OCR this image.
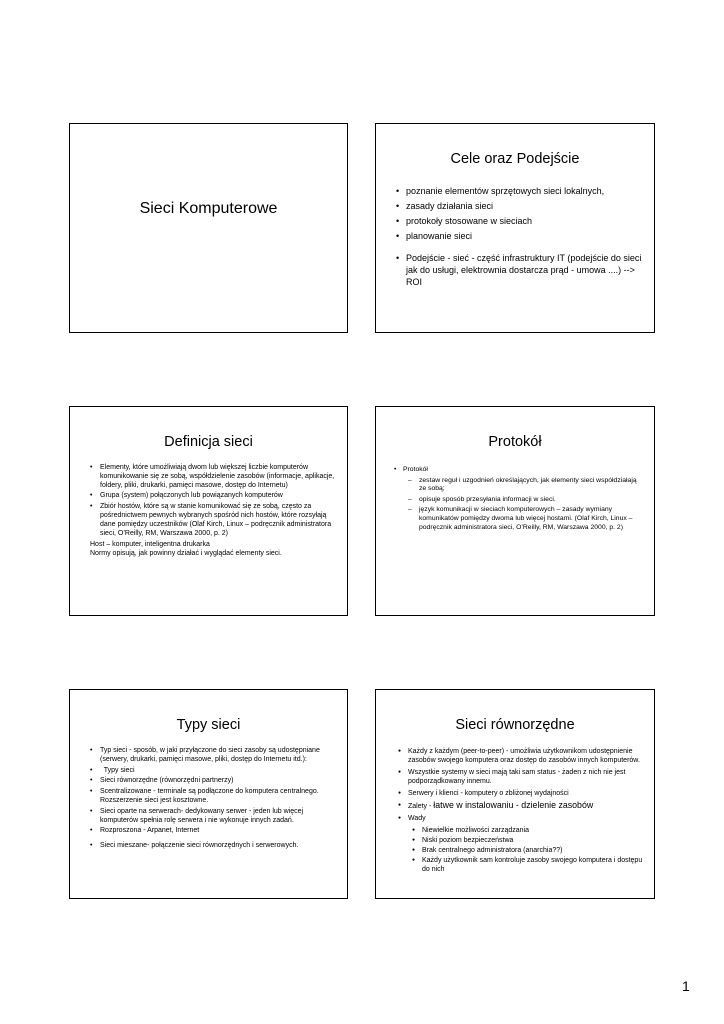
Sieci Komputerowe
Cele oraz Podejście
• poznanie elementów sprzętowych sieci lokalnych,
• zasady działania sieci
• protokoły stosowane w sieciach
• planowanie sieci
• Podejście - sieć - część infrastruktury IT (podejście do sieci jak do usługi, elektrownia dostarcza prąd - umowa ....) --> ROI
Definicja sieci
• Elementy, które umożliwiają dwom lub większej liczbie komputerów komunikowanie się ze sobą, współdzielenie zasobów (informacje, aplikacje, foldery, pliki, drukarki, pamięci masowe, dostęp do Internetu)
• Grupa (system) połączonych lub powiązanych komputerów
• Zbiór hostów, które są w stanie komunikować się ze sobą, często za pośrednictwem pewnych wybranych spośród nich hostów, które rozsyłają dane pomiędzy uczestników (Olaf Kirch, Linux – podręcznik administratora sieci, O’Reilly, RM, Warszawa 2000, p. 2)
Host – komputer, inteligentna drukarka
Normy opisują, jak powinny działać i wyglądać elementy sieci.
Protokół
• Protokół
– zestaw reguł i uzgodnień określających, jak elementy sieci współdziałają ze sobą;
– opisuje sposób przesyłania informacji w sieci.
– język komunikacji w sieciach komputerowych – zasady wymiany komunikatów pomiędzy dwoma lub więcej hostami. (Olaf Kirch, Linux – podręcznik administratora sieci, O’Reilly, RM, Warszawa 2000, p. 2)
Typy sieci
• Typ sieci - sposób, w jaki przyłączone do sieci zasoby są udostępniane (serwery, drukarki, pamięci masowe, pliki, dostęp do Internetu itd.):
•   Typy sieci
• Sieci równorzędne (równorzędni partnerzy)
• Scentralizowane - terminale są podłączone do komputera centralnego. Rozszerzenie sieci jest kosztowne.
• Sieci oparte na serwerach- dedykowany serwer - jeden lub więcej komputerów spełnia rolę serwera i nie wykonuje innych zadań.
• Rozproszona - Arpanet, Internet
• Sieci mieszane- połączenie sieci równorzędnych i serwerowych.
Sieci równorzędne
● Każdy z każdym (peer-to-peer) - umożliwia użytkownikom udostępnienie zasobów swojego komputera oraz dostęp do zasobów innych komputerów.
● Wszystkie systemy w sieci mają taki sam status - żaden z nich nie jest podporządkowany innemu.
● Serwery i klienci - komputery o zbliżonej wydajności
● Zalety - łatwe w instalowaniu - dzielenie zasobów
● Wady
● Niewielkie możliwości zarządzania
● Niski poziom bezpieczeństwa
● Brak centralnego administratora (anarchia??)
● Każdy użytkownik sam kontroluje zasoby swojego komputera i dostępu do nich
1
